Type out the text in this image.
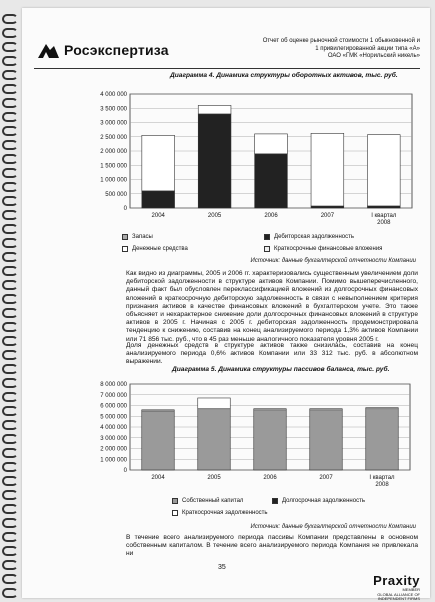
Росэкспертиза
Отчет об оценке рыночной стоимости 1 обыкновенной и
1 привилегированной акции типа «А»
ОАО «ГМК «Норильский никель»
Диаграмма 4. Динамика структуры оборотных активов, тыс. руб.
0
500 000
1 000 000
1 500 000
2 000 000
2 500 000
3 000 000
3 500 000
4 000 000
2004	2005	2006	2007	I квартал
2008
Запасы	Дебиторская задолженность
Денежные средства	Краткосрочные финансовые вложения
Источник: данные бухгалтерской отчетности Компании
Как видно из диаграммы, 2005 и 2006 гг. характеризовались существенным увеличением доли дебиторской задолженности в структуре активов Компании. Помимо вышеперечисленного, данный факт был обусловлен переклассификацией вложений из долгосрочных финансовых вложений в краткосрочную дебиторскую задолженность в связи с невыполнением критерия признания активов в качестве финансовых вложений в бухгалтерском учете. Это также объясняет и нехарактерное снижение доли долгосрочных финансовых вложений в структуре активов в 2005 г. Начиная с 2005 г. дебиторская задолженность продемонстрировала тенденцию к снижению, составив на конец анализируемого периода 1,3% активов Компании или 71 856 тыс. руб., что в 45 раз меньше аналогичного показателя уровня 2005 г.
Доля денежных средств в структуре активов также снизилась, составив на конец анализируемого периода 0,6% активов Компании или 33 312 тыс. руб. в абсолютном выражении.
Диаграмма 5. Динамика структуры пассивов баланса, тыс. руб.
0
1 000 000
2 000 000
3 000 000
4 000 000
5 000 000
6 000 000
7 000 000
8 000 000
2004	2005	2006	2007	I квартал
2008
Собственный капитал	Долгосрочная задолженность
Краткосрочная задолженность
Источник: данные бухгалтерской отчетности Компании
В течение всего анализируемого периода пассивы Компании представлены в основном собственным капиталом. В течение всего анализируемого периода Компания не привлекала ни
35
Praxity
MEMBER
GLOBAL ALLIANCE OF
INDEPENDENT FIRMS
